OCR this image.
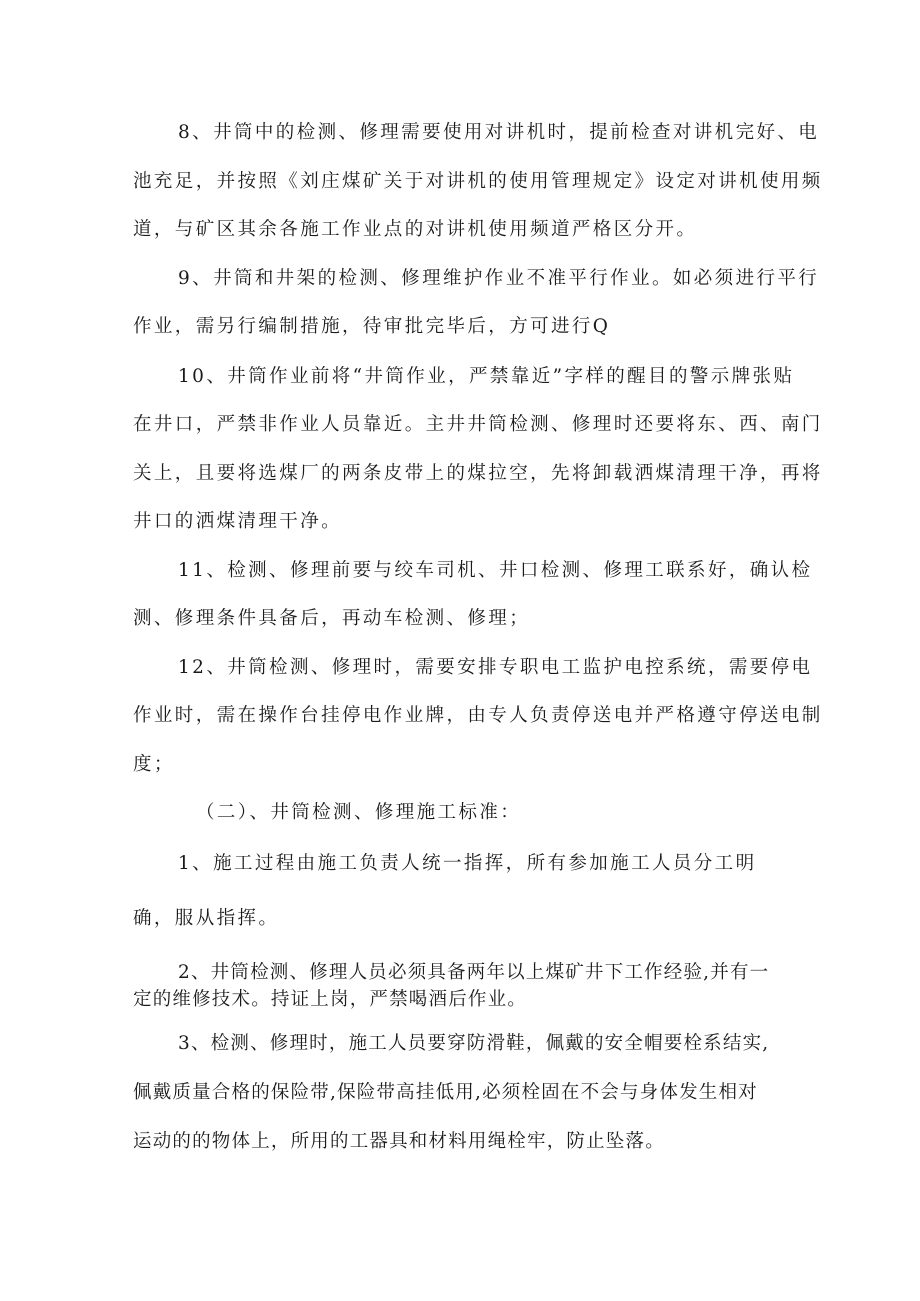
8、井筒中的检测、修理需要使用对讲机时，提前检查对讲机完好、电
池充足，并按照《刘庄煤矿关于对讲机的使用管理规定》设定对讲机使用频
道，与矿区其余各施工作业点的对讲机使用频道严格区分开。
9、井筒和井架的检测、修理维护作业不准平行作业。如必须进行平行
作业，需另行编制措施，待审批完毕后，方可进行Q
10、井筒作业前将“井筒作业，严禁靠近”字样的醒目的警示牌张贴
在井口，严禁非作业人员靠近。主井井筒检测、修理时还要将东、西、南门
关上，且要将选煤厂的两条皮带上的煤拉空，先将卸载洒煤清理干净，再将
井口的洒煤清理干净。
11、检测、修理前要与绞车司机、井口检测、修理工联系好，确认检
测、修理条件具备后，再动车检测、修理；
12、井筒检测、修理时，需要安排专职电工监护电控系统，需要停电
作业时，需在操作台挂停电作业牌，由专人负责停送电并严格遵守停送电制
度；
（二）、井筒检测、修理施工标准：
1、施工过程由施工负责人统一指挥，所有参加施工人员分工明
确，服从指挥。
2、井筒检测、修理人员必须具备两年以上煤矿井下工作经验,并有一
定的维修技术。持证上岗，严禁喝酒后作业。
3、检测、修理时，施工人员要穿防滑鞋，佩戴的安全帽要栓系结实,
佩戴质量合格的保险带,保险带高挂低用,必须栓固在不会与身体发生相对
运动的的物体上，所用的工器具和材料用绳栓牢，防止坠落。
